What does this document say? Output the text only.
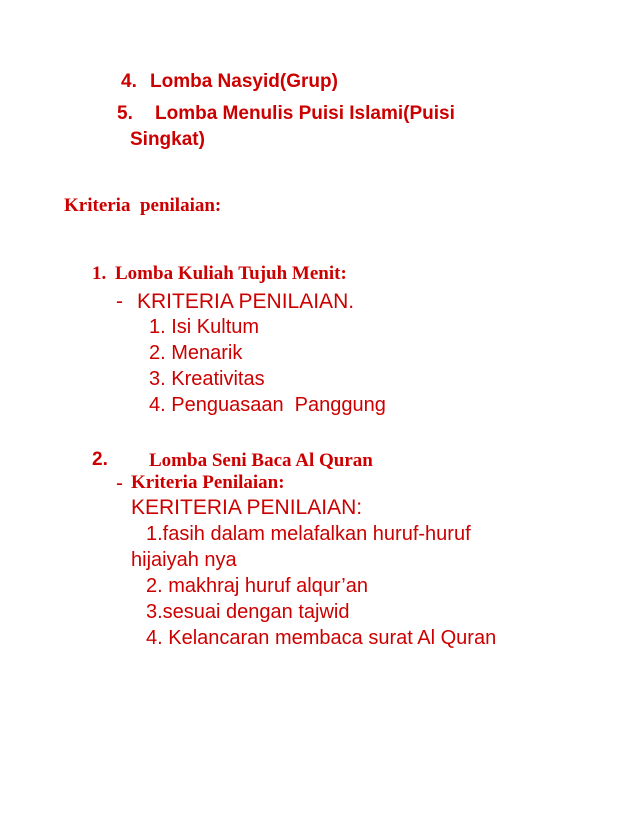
4. Lomba Nasyid(Grup)
5. Lomba Menulis Puisi Islami(Puisi
Singkat)
Kriteria  penilaian:
1. Lomba Kuliah Tujuh Menit:
- KRITERIA PENILAIAN.
1. Isi Kultum
2. Menarik
3. Kreativitas
4. Penguasaan  Panggung
2. Lomba Seni Baca Al Quran
- Kriteria Penilaian:
KERITERIA PENILAIAN:
1.fasih dalam melafalkan huruf-huruf
hijaiyah nya
2. makhraj huruf alqur’an
3.sesuai dengan tajwid
4. Kelancaran membaca surat Al Quran
